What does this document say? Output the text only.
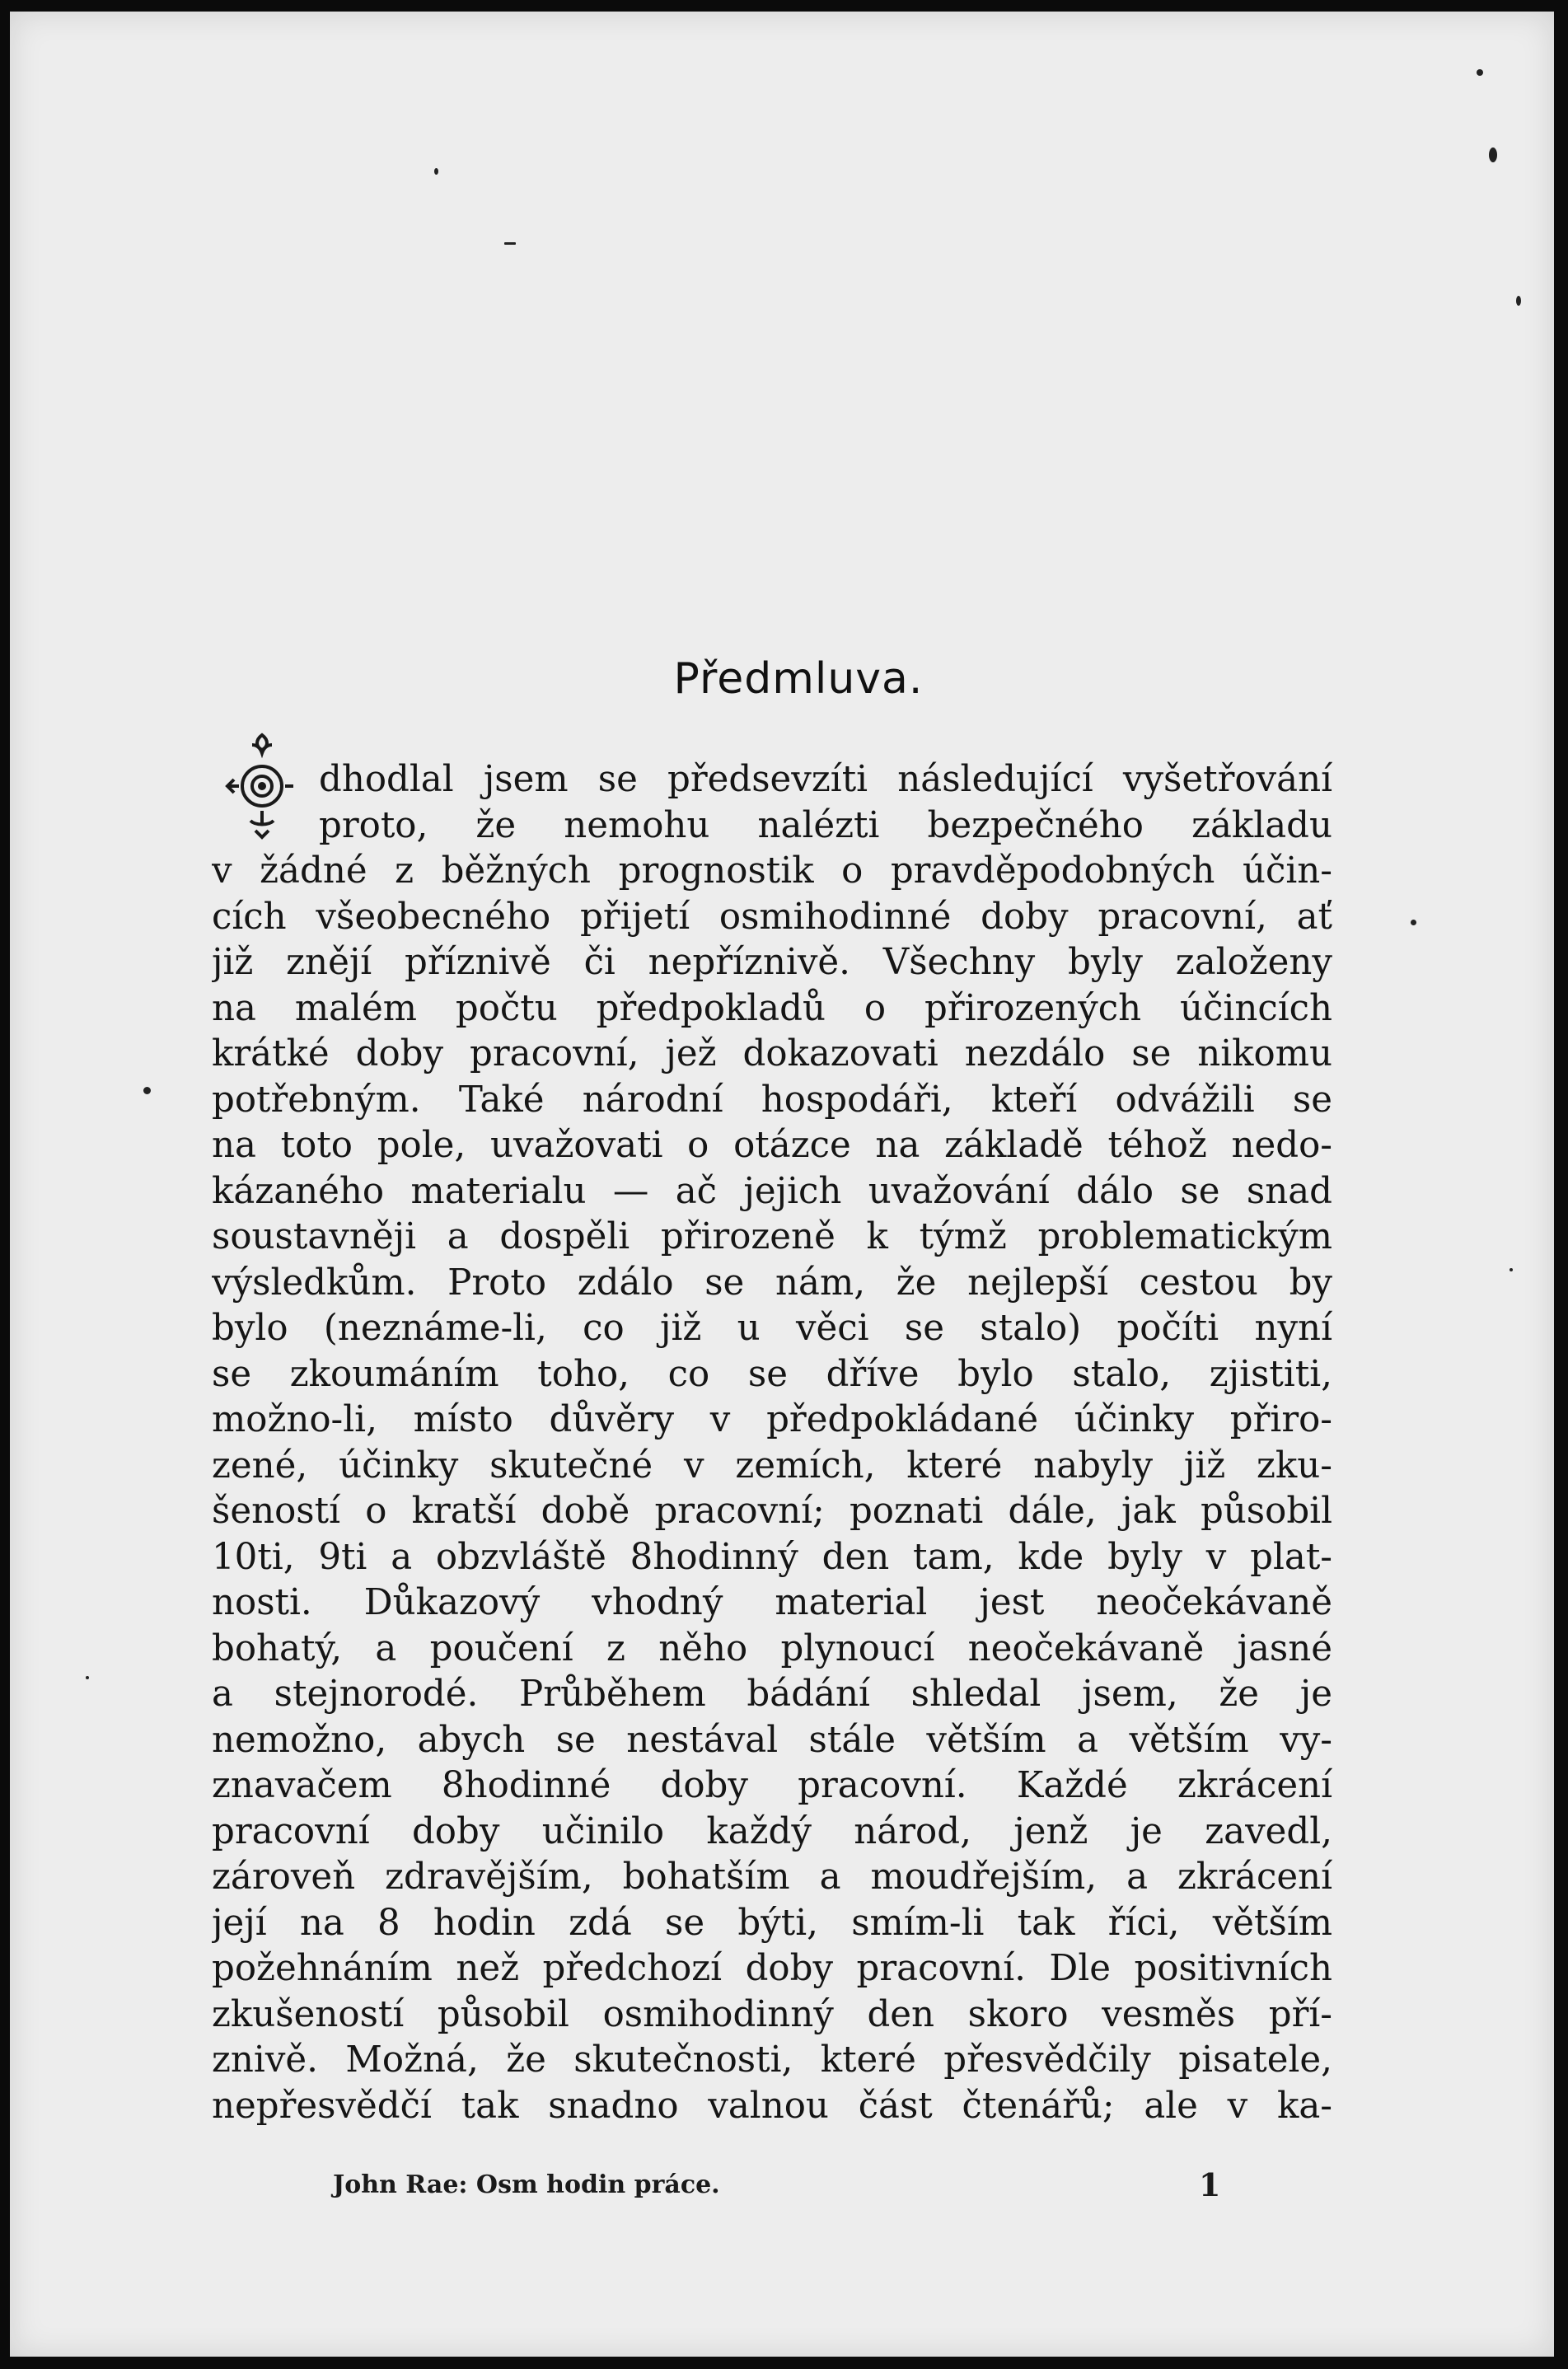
Předmluva.
dhodlal jsem se předsevzíti následující vyšetřování
proto, že nemohu nalézti bezpečného základu
v žádné z běžných prognostik o pravděpodobných účin-
cích všeobecného přijetí osmihodinné doby pracovní, ať
již znějí příznivě či nepříznivě. Všechny byly založeny
na malém počtu předpokladů o přirozených účincích
krátké doby pracovní, jež dokazovati nezdálo se nikomu
potřebným. Také národní hospodáři, kteří odvážili se
na toto pole, uvažovati o otázce na základě téhož nedo-
kázaného materialu — ač jejich uvažování dálo se snad
soustavněji a dospěli přirozeně k týmž problematickým
výsledkům. Proto zdálo se nám, že nejlepší cestou by
bylo (neznáme-li, co již u věci se stalo) počíti nyní
se zkoumáním toho, co se dříve bylo stalo, zjistiti,
možno-li, místo důvěry v předpokládané účinky přiro-
zené, účinky skutečné v zemích, které nabyly již zku-
šeností o kratší době pracovní; poznati dále, jak působil
10ti, 9ti a obzvláště 8hodinný den tam, kde byly v plat-
nosti. Důkazový vhodný material jest neočekávaně
bohatý, a poučení z něho plynoucí neočekávaně jasné
a stejnorodé. Průběhem bádání shledal jsem, že je
nemožno, abych se nestával stále větším a větším vy-
znavačem 8hodinné doby pracovní. Každé zkrácení
pracovní doby učinilo každý národ, jenž je zavedl,
zároveň zdravějším, bohatším a moudřejším, a zkrácení
její na 8 hodin zdá se býti, smím-li tak říci, větším
požehnáním než předchozí doby pracovní. Dle positivních
zkušeností působil osmihodinný den skoro vesměs pří-
znivě. Možná, že skutečnosti, které přesvědčily pisatele,
nepřesvědčí tak snadno valnou část čtenářů; ale v ka-
John Rae: Osm hodin práce.	1
